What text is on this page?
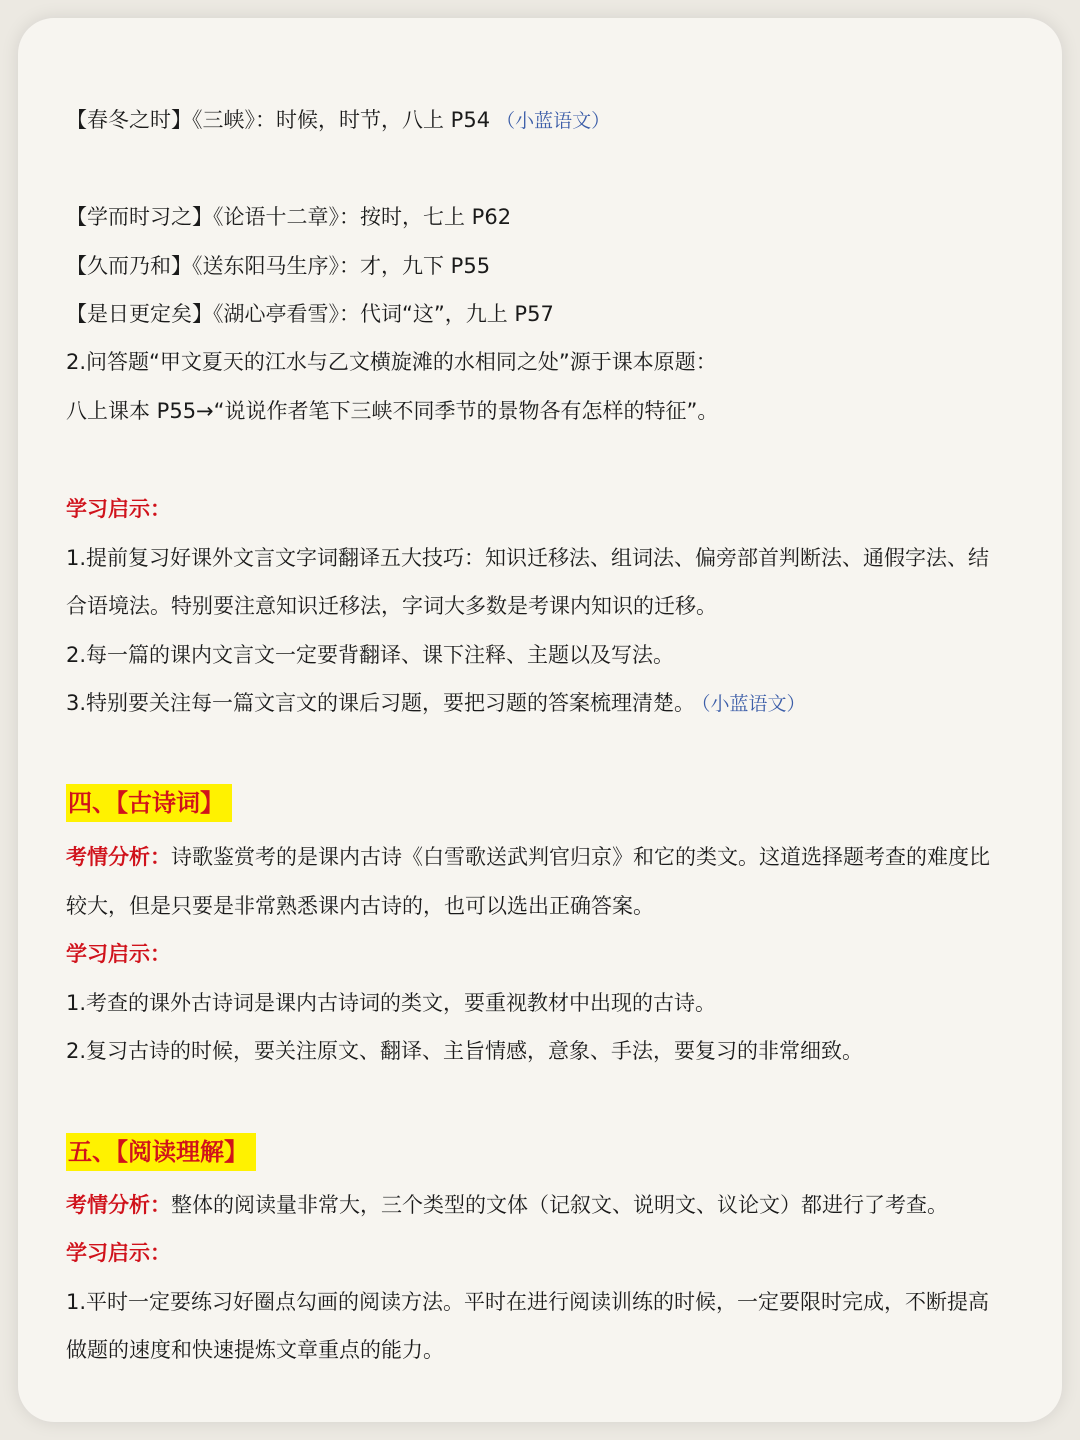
【春冬之时】《三峡》：时候，时节，八上 P54 （小蓝语文）
【学而时习之】《论语十二章》：按时，七上 P62
【久而乃和】《送东阳马生序》：才，九下 P55
【是日更定矣】《湖心亭看雪》：代词“这”，九上 P57
2.问答题“甲文夏天的江水与乙文横旋滩的水相同之处”源于课本原题：
八上课本 P55→“说说作者笔下三峡不同季节的景物各有怎样的特征”。
学习启示：
1.提前复习好课外文言文字词翻译五大技巧：知识迁移法、组词法、偏旁部首判断法、通假字法、结
合语境法。特别要注意知识迁移法，字词大多数是考课内知识的迁移。
2.每一篇的课内文言文一定要背翻译、课下注释、主题以及写法。
3.特别要关注每一篇文言文的课后习题，要把习题的答案梳理清楚。 （小蓝语文）
四、【古诗词】
考情分析：诗歌鉴赏考的是课内古诗《白雪歌送武判官归京》和它的类文。这道选择题考查的难度比
较大，但是只要是非常熟悉课内古诗的，也可以选出正确答案。
学习启示：
1.考查的课外古诗词是课内古诗词的类文，要重视教材中出现的古诗。
2.复习古诗的时候，要关注原文、翻译、主旨情感，意象、手法，要复习的非常细致。
五、【阅读理解】
考情分析：整体的阅读量非常大，三个类型的文体（记叙文、说明文、议论文）都进行了考查。
学习启示：
1.平时一定要练习好圈点勾画的阅读方法。平时在进行阅读训练的时候，一定要限时完成，不断提高
做题的速度和快速提炼文章重点的能力。
